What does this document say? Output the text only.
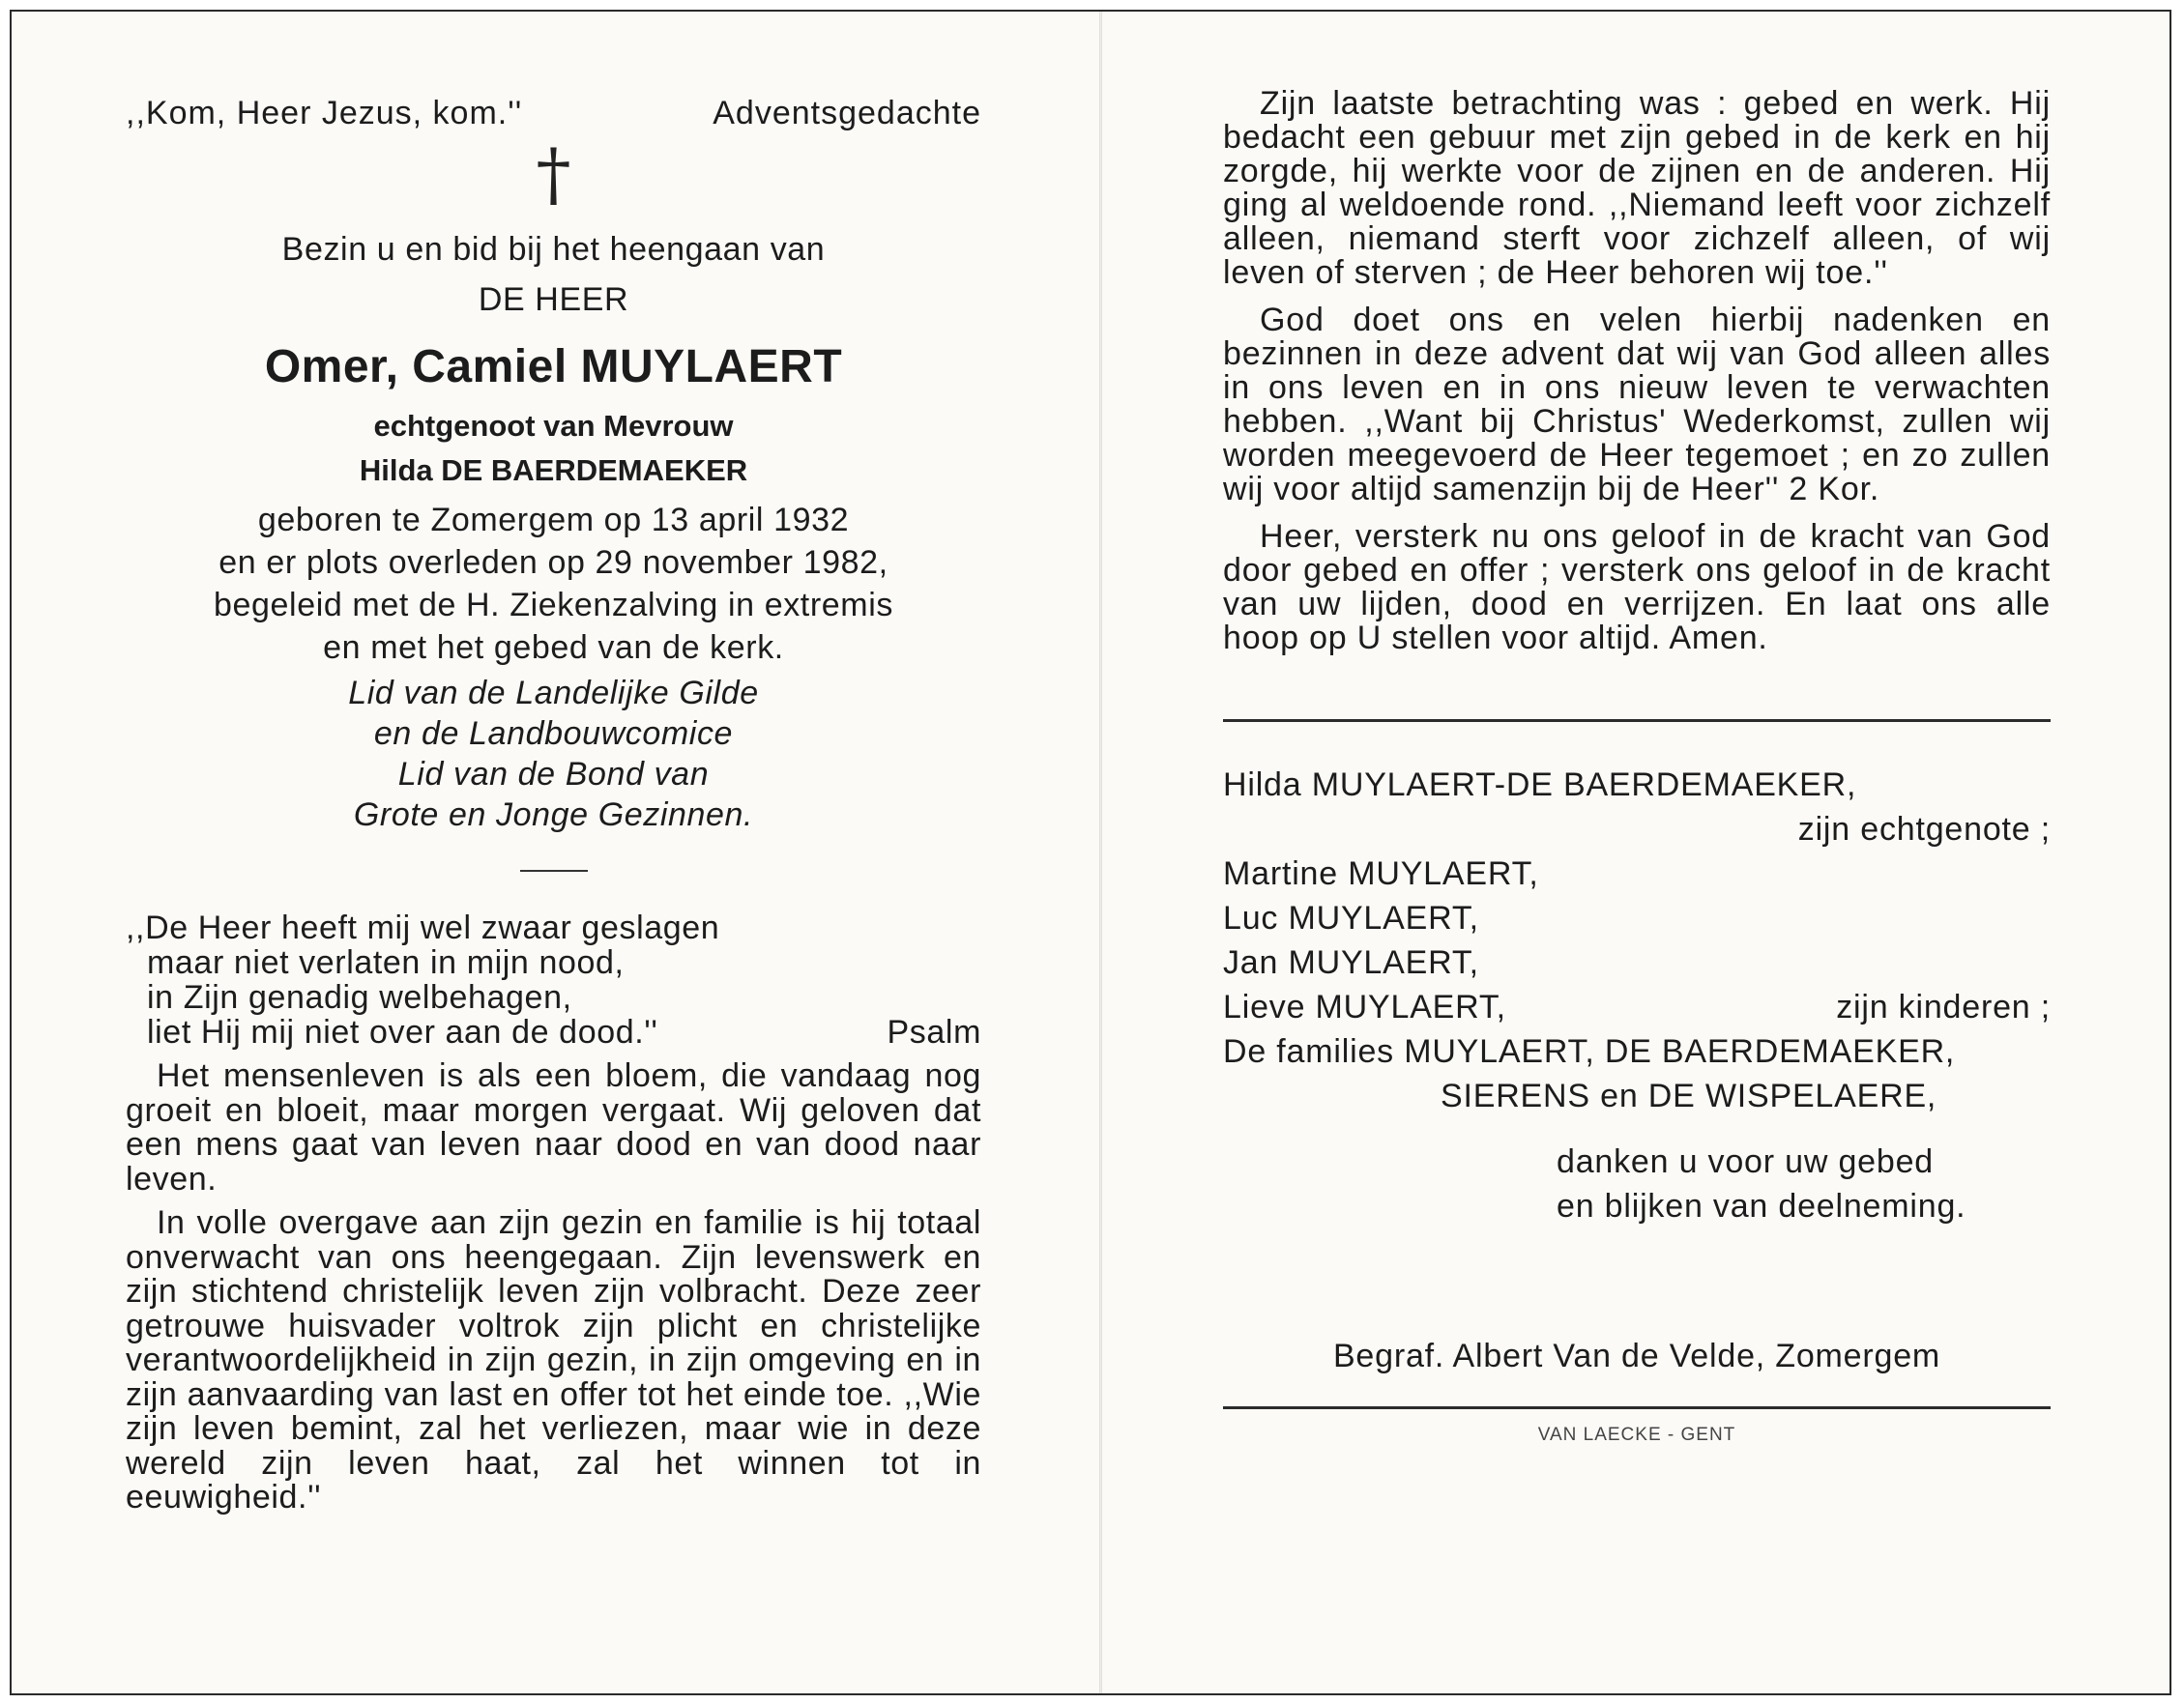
,,Kom, Heer Jezus, kom.''	Adventsgedachte
†
Bezin u en bid bij het heengaan van
DE HEER
Omer, Camiel MUYLAERT
echtgenoot van Mevrouw
Hilda DE BAERDEMAEKER
geboren te Zomergem op 13 april 1932
en er plots overleden op 29 november 1982,
begeleid met de H. Ziekenzalving in extremis
en met het gebed van de kerk.
Lid van de Landelijke Gilde
en de Landbouwcomice
Lid van de Bond van
Grote en Jonge Gezinnen.
,,De Heer heeft mij wel zwaar geslagen
maar niet verlaten in mijn nood,
in Zijn genadig welbehagen,
liet Hij mij niet over aan de dood.''	Psalm

Het mensenleven is als een bloem, die vandaag nog groeit en bloeit, maar morgen vergaat. Wij geloven dat een mens gaat van leven naar dood en van dood naar leven.

In volle overgave aan zijn gezin en familie is hij totaal onverwacht van ons heengegaan. Zijn levenswerk en zijn stichtend christelijk leven zijn volbracht. Deze zeer getrouwe huisvader voltrok zijn plicht en christelijke verantwoordelijkheid in zijn gezin, in zijn omgeving en in zijn aanvaarding van last en offer tot het einde toe. ,,Wie zijn leven bemint, zal het verliezen, maar wie in deze wereld zijn leven haat, zal het winnen tot in eeuwigheid.''

Zijn laatste betrachting was : gebed en werk. Hij bedacht een gebuur met zijn gebed in de kerk en hij zorgde, hij werkte voor de zijnen en de anderen. Hij ging al weldoende rond. ,,Niemand leeft voor zichzelf alleen, niemand sterft voor zichzelf alleen, of wij leven of sterven ; de Heer behoren wij toe.''

God doet ons en velen hierbij nadenken en bezinnen in deze advent dat wij van God alleen alles in ons leven en in ons nieuw leven te verwachten hebben. ,,Want bij Christus' Wederkomst, zullen wij worden meegevoerd de Heer tegemoet ; en zo zullen wij voor altijd samenzijn bij de Heer'' 2 Kor.

Heer, versterk nu ons geloof in de kracht van God door gebed en offer ; versterk ons geloof in de kracht van uw lijden, dood en verrijzen. En laat ons alle hoop op U stellen voor altijd. Amen.

Hilda MUYLAERT-DE BAERDEMAEKER,
zijn echtgenote ;
Martine MUYLAERT,
Luc MUYLAERT,
Jan MUYLAERT,
Lieve MUYLAERT,	zijn kinderen ;
De families MUYLAERT, DE BAERDEMAEKER,
SIERENS en DE WISPELAERE,
danken u voor uw gebed
en blijken van deelneming.
Begraf. Albert Van de Velde, Zomergem
VAN LAECKE - GENT
